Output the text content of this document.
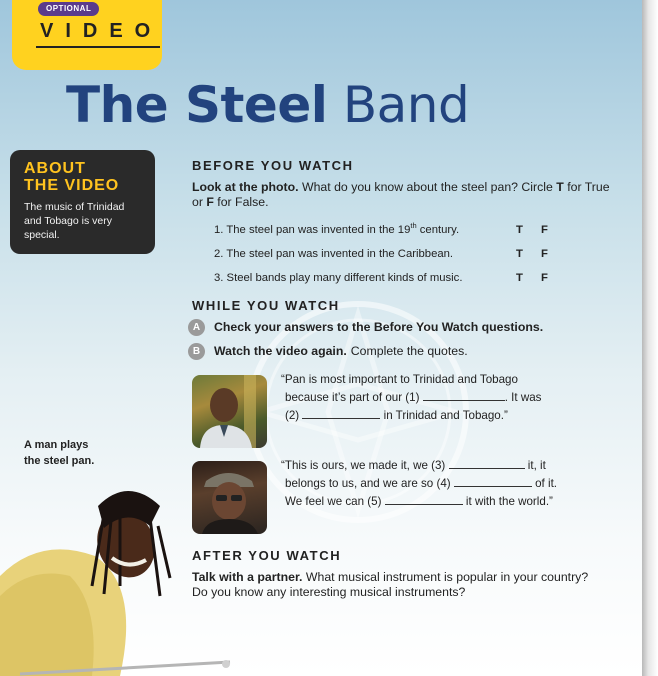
OPTIONAL
VIDEO
The Steel Band
ABOUT
THE VIDEO

The music of Trinidad and Tobago is very special.

BEFORE YOU WATCH
Look at the photo. What do you know about the steel pan? Circle T for True or F for False.
1. The steel pan was invented in the 19th century.	T F
2. The steel pan was invented in the Caribbean.	T F
3. Steel bands play many different kinds of music.	T F
WHILE YOU WATCH
A	Check your answers to the Before You Watch questions.
B	Watch the video again. Complete the quotes.
“Pan is most important to Trinidad and Tobago
because it’s part of our (1)	. It was
(2)	in Trinidad and Tobago.”
“This is ours, we made it, we (3)	it, it
belongs to us, and we are so (4)	of it.
We feel we can (5)	it with the world.”
AFTER YOU WATCH
Talk with a partner. What musical instrument is popular in your country? Do you know any interesting musical instruments?
A man plays
the steel pan.
